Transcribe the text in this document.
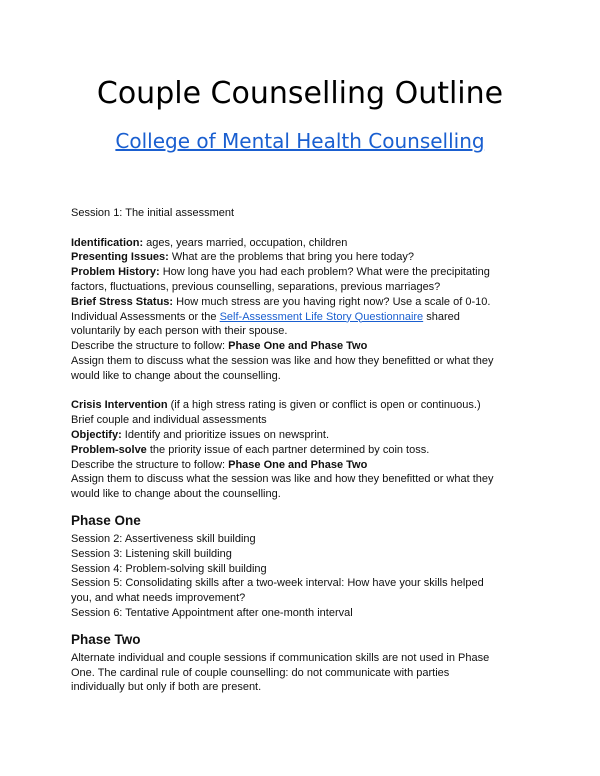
Couple Counselling Outline
College of Mental Health Counselling
Session 1: The initial assessment
Identification: ages, years married, occupation, children
Presenting Issues: What are the problems that bring you here today?
Problem History: How long have you had each problem? What were the precipitating
factors, fluctuations, previous counselling, separations, previous marriages?
Brief Stress Status: How much stress are you having right now? Use a scale of 0-10.
Individual Assessments or the Self-Assessment Life Story Questionnaire shared
voluntarily by each person with their spouse.
Describe the structure to follow: Phase One and Phase Two
Assign them to discuss what the session was like and how they benefitted or what they
would like to change about the counselling.
Crisis Intervention (if a high stress rating is given or conflict is open or continuous.)
Brief couple and individual assessments
Objectify: Identify and prioritize issues on newsprint.
Problem-solve the priority issue of each partner determined by coin toss.
Describe the structure to follow: Phase One and Phase Two
Assign them to discuss what the session was like and how they benefitted or what they
would like to change about the counselling.
Phase One
Session 2: Assertiveness skill building
Session 3: Listening skill building
Session 4: Problem-solving skill building
Session 5: Consolidating skills after a two-week interval: How have your skills helped
you, and what needs improvement?
Session 6: Tentative Appointment after one-month interval
Phase Two
Alternate individual and couple sessions if communication skills are not used in Phase
One. The cardinal rule of couple counselling: do not communicate with parties
individually but only if both are present.
